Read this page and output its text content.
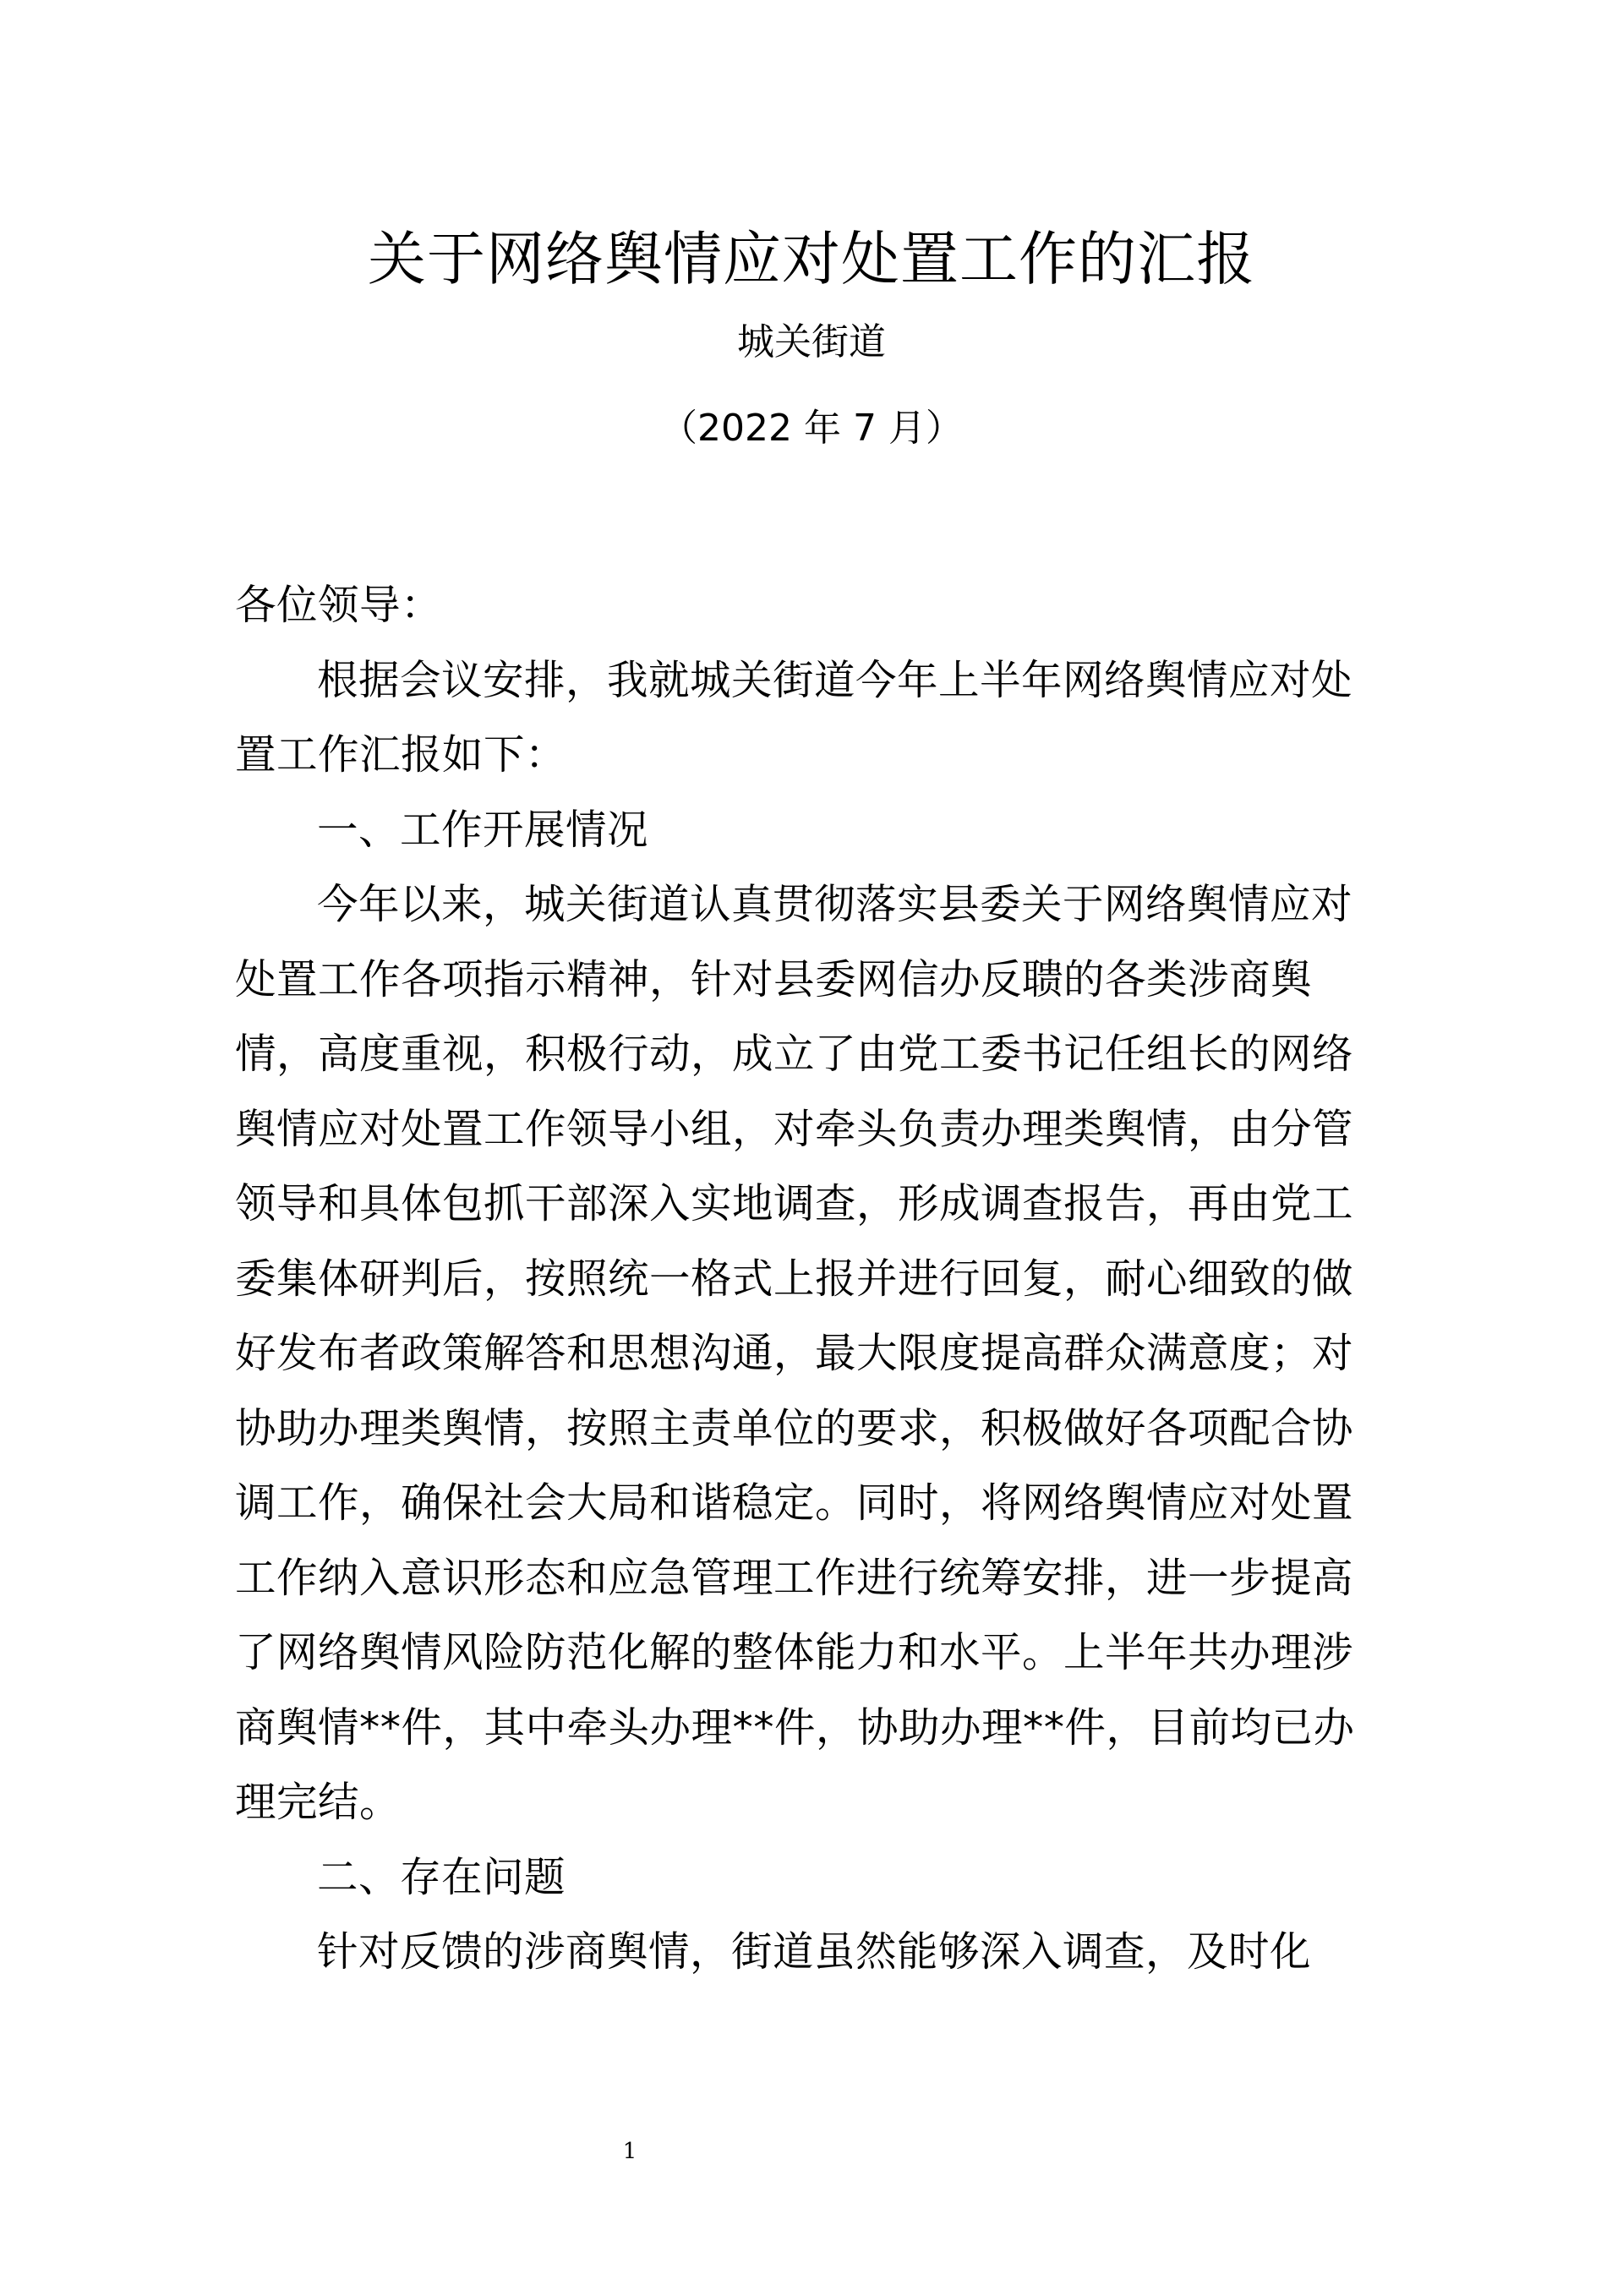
关于网络舆情应对处置工作的汇报
城关街道
（2022 年 7 月）

各位领导：

根据会议安排，我就城关街道今年上半年网络舆情应对处置工作汇报如下：

一、工作开展情况

今年以来，城关街道认真贯彻落实县委关于网络舆情应对处置工作各项指示精神，针对县委网信办反聩的各类涉商舆情，高度重视，积极行动，成立了由党工委书记任组长的网络舆情应对处置工作领导小组，对牵头负责办理类舆情，由分管领导和具体包抓干部深入实地调查，形成调查报告，再由党工委集体研判后，按照统一格式上报并进行回复，耐心细致的做好发布者政策解答和思想沟通，最大限度提高群众满意度；对协助办理类舆情，按照主责单位的要求，积极做好各项配合协调工作，确保社会大局和谐稳定。同时，将网络舆情应对处置工作纳入意识形态和应急管理工作进行统筹安排，进一步提高了网络舆情风险防范化解的整体能力和水平。上半年共办理涉商舆情**件，其中牵头办理**件，协助办理**件，目前均已办理完结。

二、存在问题

针对反馈的涉商舆情，街道虽然能够深入调查，及时化

1
